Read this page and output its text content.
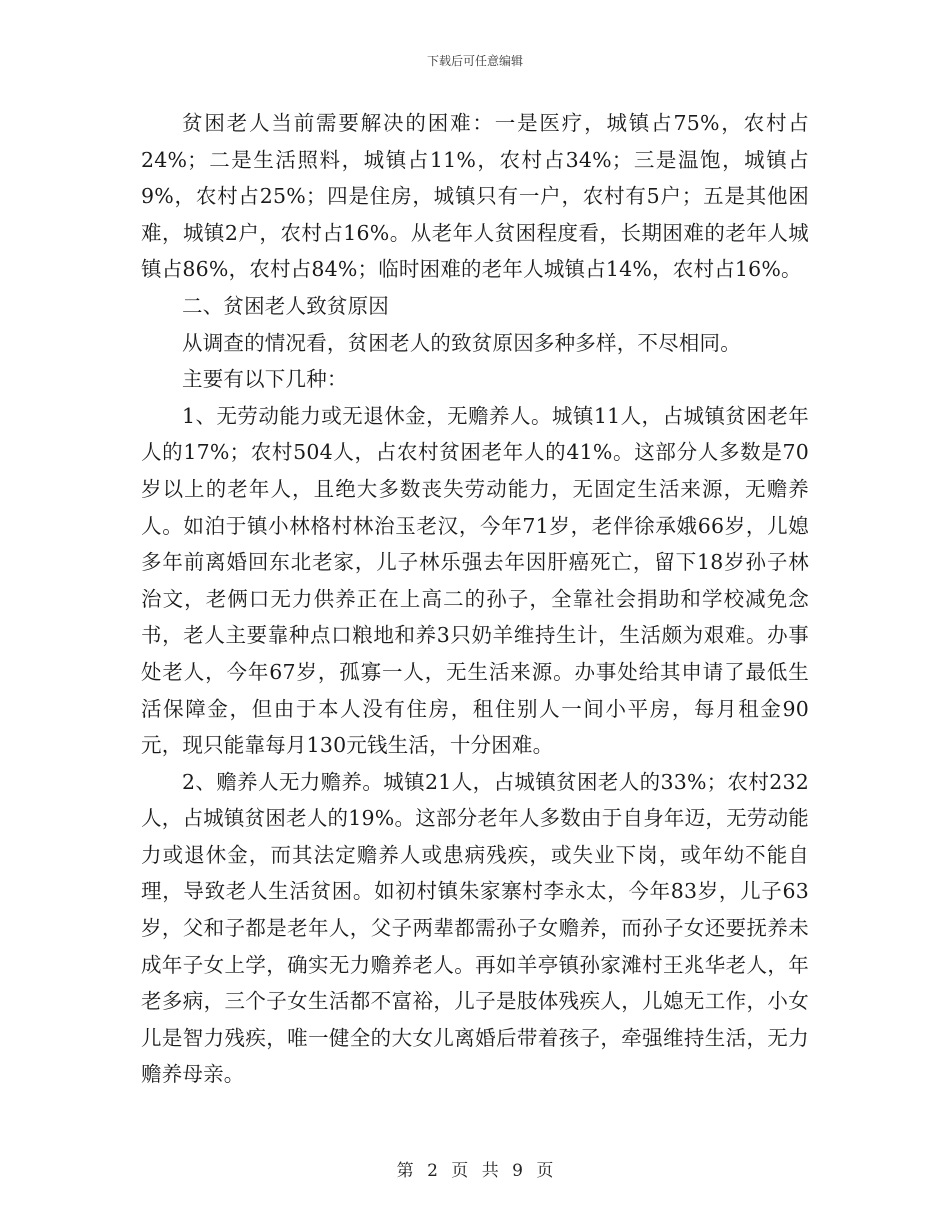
下载后可任意编辑

贫困老人当前需要解决的困难：一是医疗，城镇占75%，农村占24%；二是生活照料，城镇占11%，农村占34%；三是温饱，城镇占9%，农村占25%；四是住房，城镇只有一户，农村有5户；五是其他困难，城镇2户，农村占16%。从老年人贫困程度看，长期困难的老年人城镇占86%，农村占84%；临时困难的老年人城镇占14%，农村占16%。

二、贫困老人致贫原因

从调查的情况看，贫困老人的致贫原因多种多样，不尽相同。

主要有以下几种：

1、无劳动能力或无退休金，无赡养人。城镇11人，占城镇贫困老年人的17%；农村504人，占农村贫困老年人的41%。这部分人多数是70岁以上的老年人，且绝大多数丧失劳动能力，无固定生活来源，无赡养人。如泊于镇小林格村林治玉老汉，今年71岁，老伴徐承娥66岁，儿媳多年前离婚回东北老家，儿子林乐强去年因肝癌死亡，留下18岁孙子林治文，老俩口无力供养正在上高二的孙子，全靠社会捐助和学校减免念书，老人主要靠种点口粮地和养3只奶羊维持生计，生活颇为艰难。办事处老人，今年67岁，孤寡一人，无生活来源。办事处给其申请了最低生活保障金，但由于本人没有住房，租住别人一间小平房，每月租金90元，现只能靠每月130元钱生活，十分困难。

2、赡养人无力赡养。城镇21人，占城镇贫困老人的33%；农村232人，占城镇贫困老人的19%。这部分老年人多数由于自身年迈，无劳动能力或退休金，而其法定赡养人或患病残疾，或失业下岗，或年幼不能自理，导致老人生活贫困。如初村镇朱家寨村李永太，今年83岁，儿子63岁，父和子都是老年人，父子两辈都需孙子女赡养，而孙子女还要抚养未成年子女上学，确实无力赡养老人。再如羊亭镇孙家滩村王兆华老人，年老多病，三个子女生活都不富裕，儿子是肢体残疾人，儿媳无工作，小女儿是智力残疾，唯一健全的大女儿离婚后带着孩子，牵强维持生活，无力赡养母亲。

第 2 页 共 9 页
